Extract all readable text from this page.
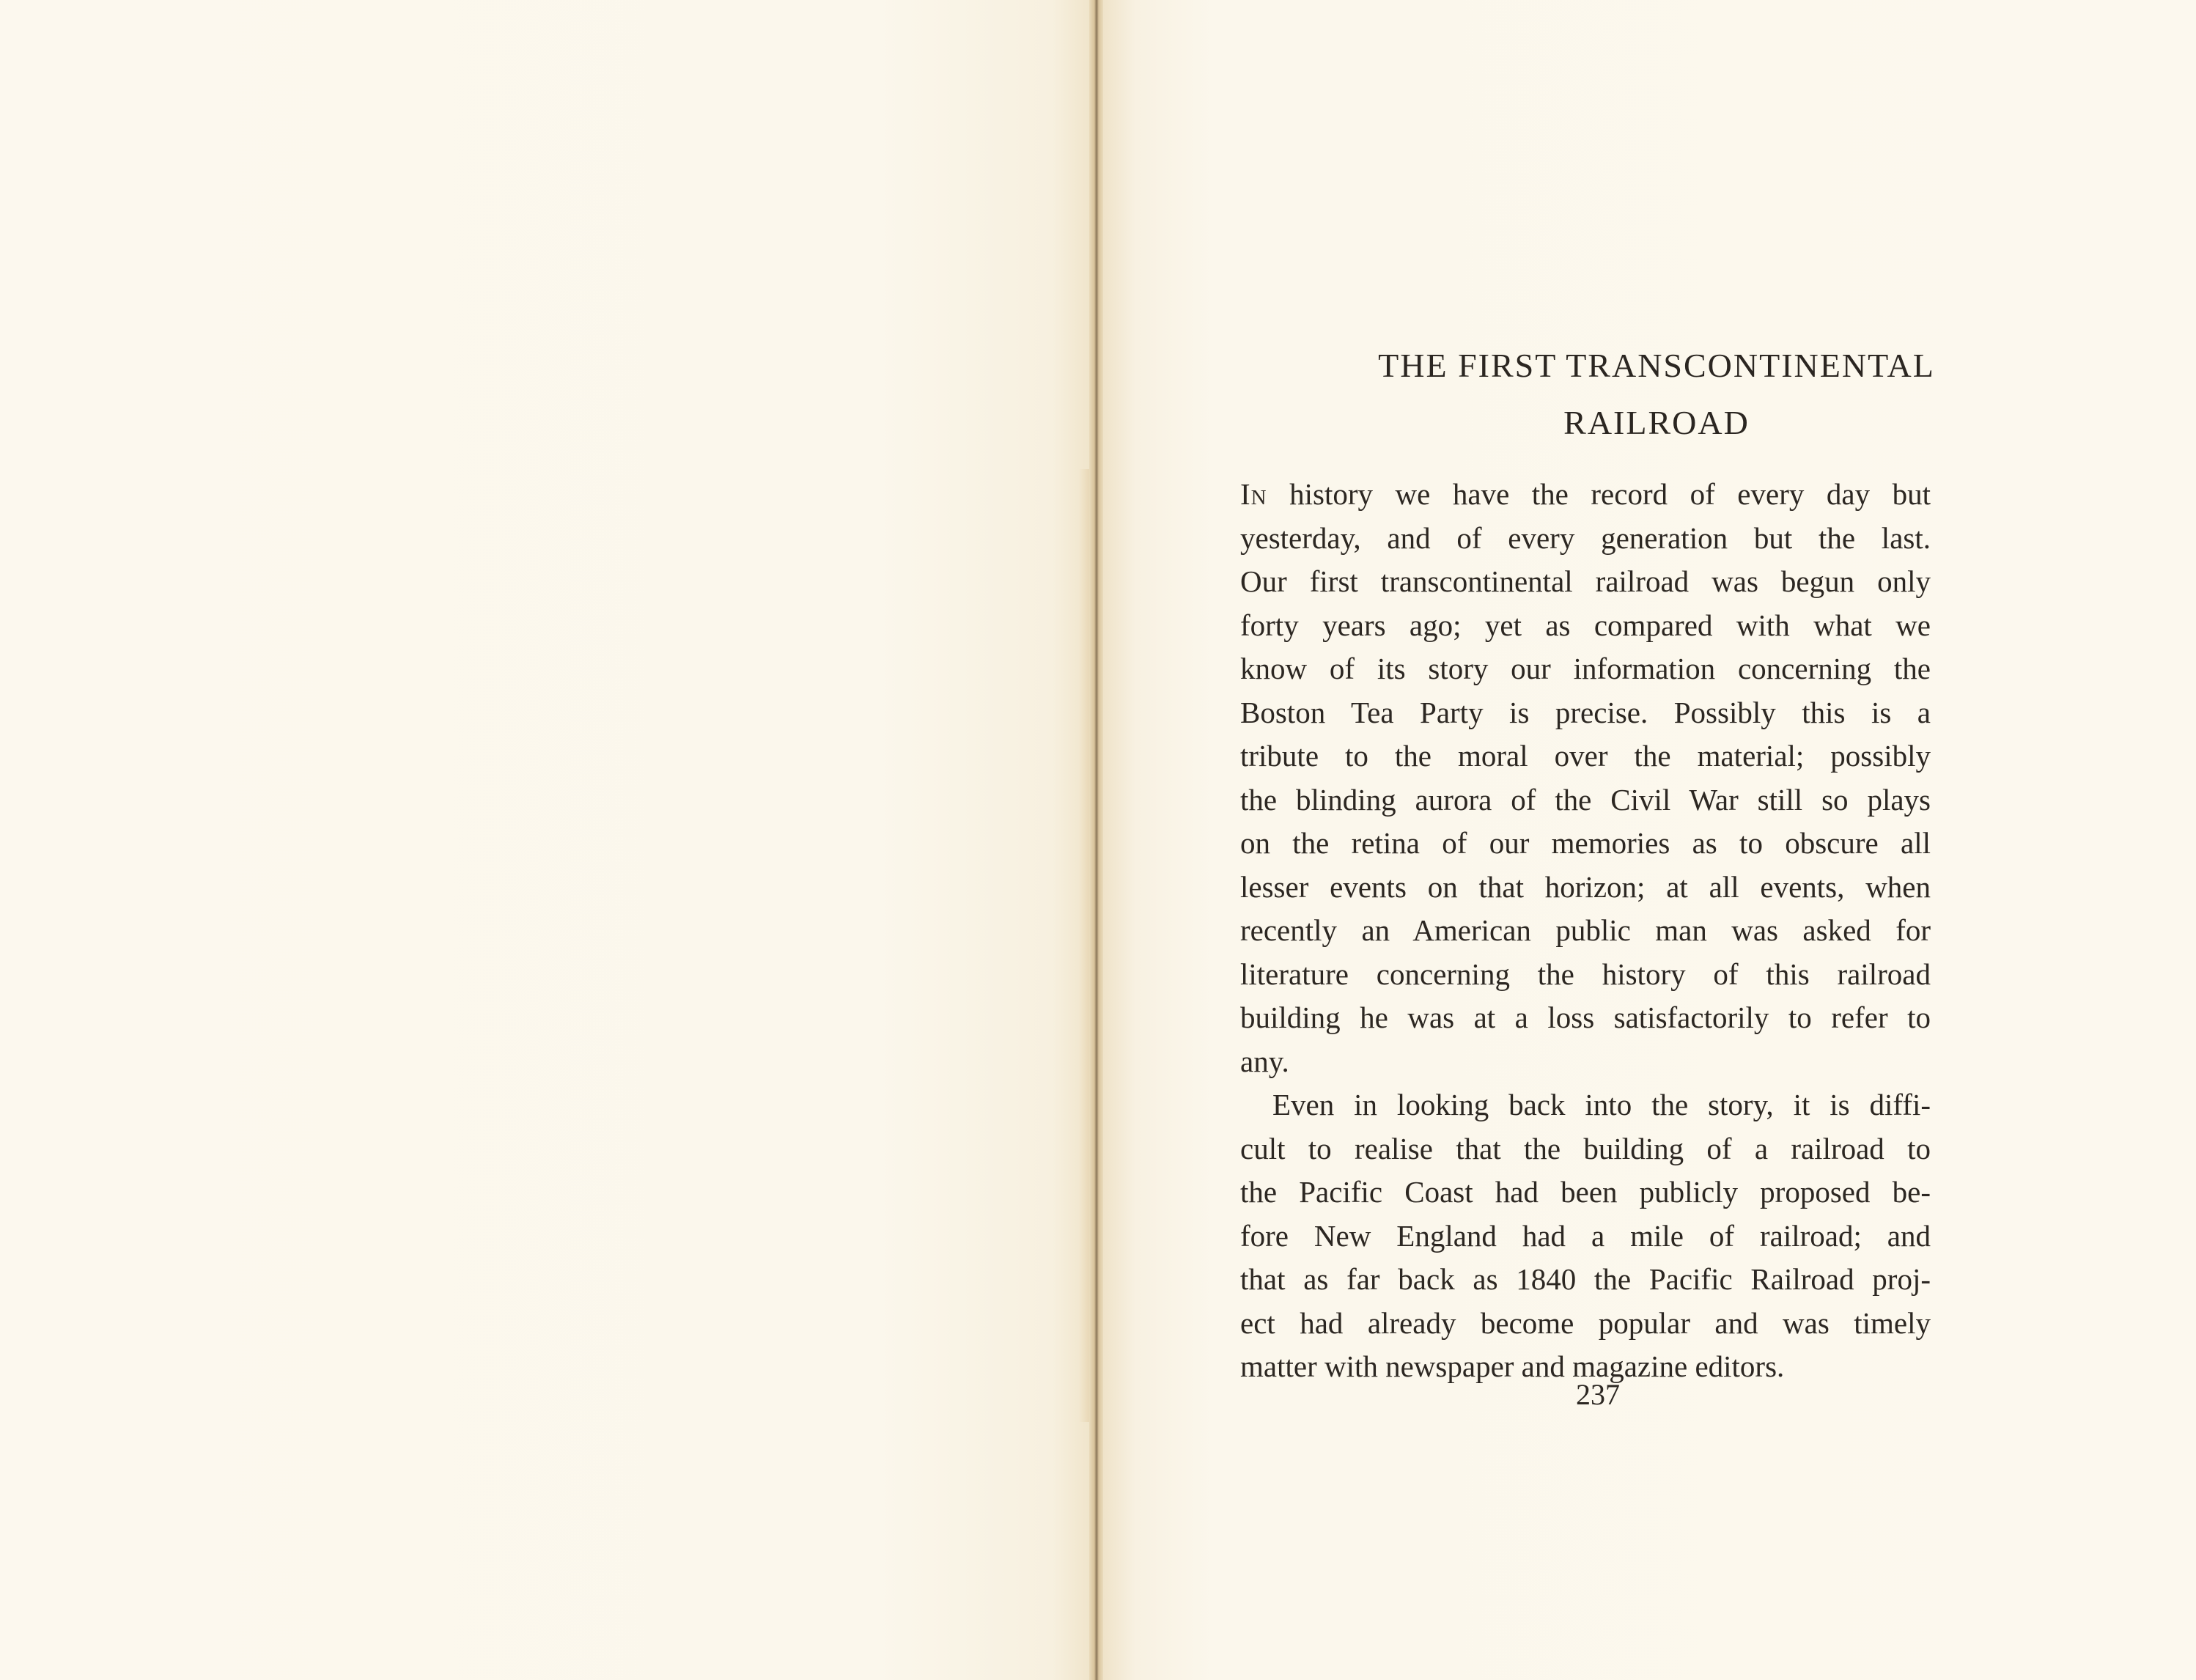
THE FIRST TRANSCONTINENTAL
RAILROAD
In history we have the record of every day but
yesterday, and of every generation but the last.
Our first transcontinental railroad was begun only
forty years ago; yet as compared with what we
know of its story our information concerning the
Boston Tea Party is precise. Possibly this is a
tribute to the moral over the material; possibly
the blinding aurora of the Civil War still so plays
on the retina of our memories as to obscure all
lesser events on that horizon; at all events, when
recently an American public man was asked for
literature concerning the history of this railroad
building he was at a loss satisfactorily to refer to
any.
Even in looking back into the story, it is diffi-
cult to realise that the building of a railroad to
the Pacific Coast had been publicly proposed be-
fore New England had a mile of railroad; and
that as far back as 1840 the Pacific Railroad proj-
ect had already become popular and was timely
matter with newspaper and magazine editors.
237
